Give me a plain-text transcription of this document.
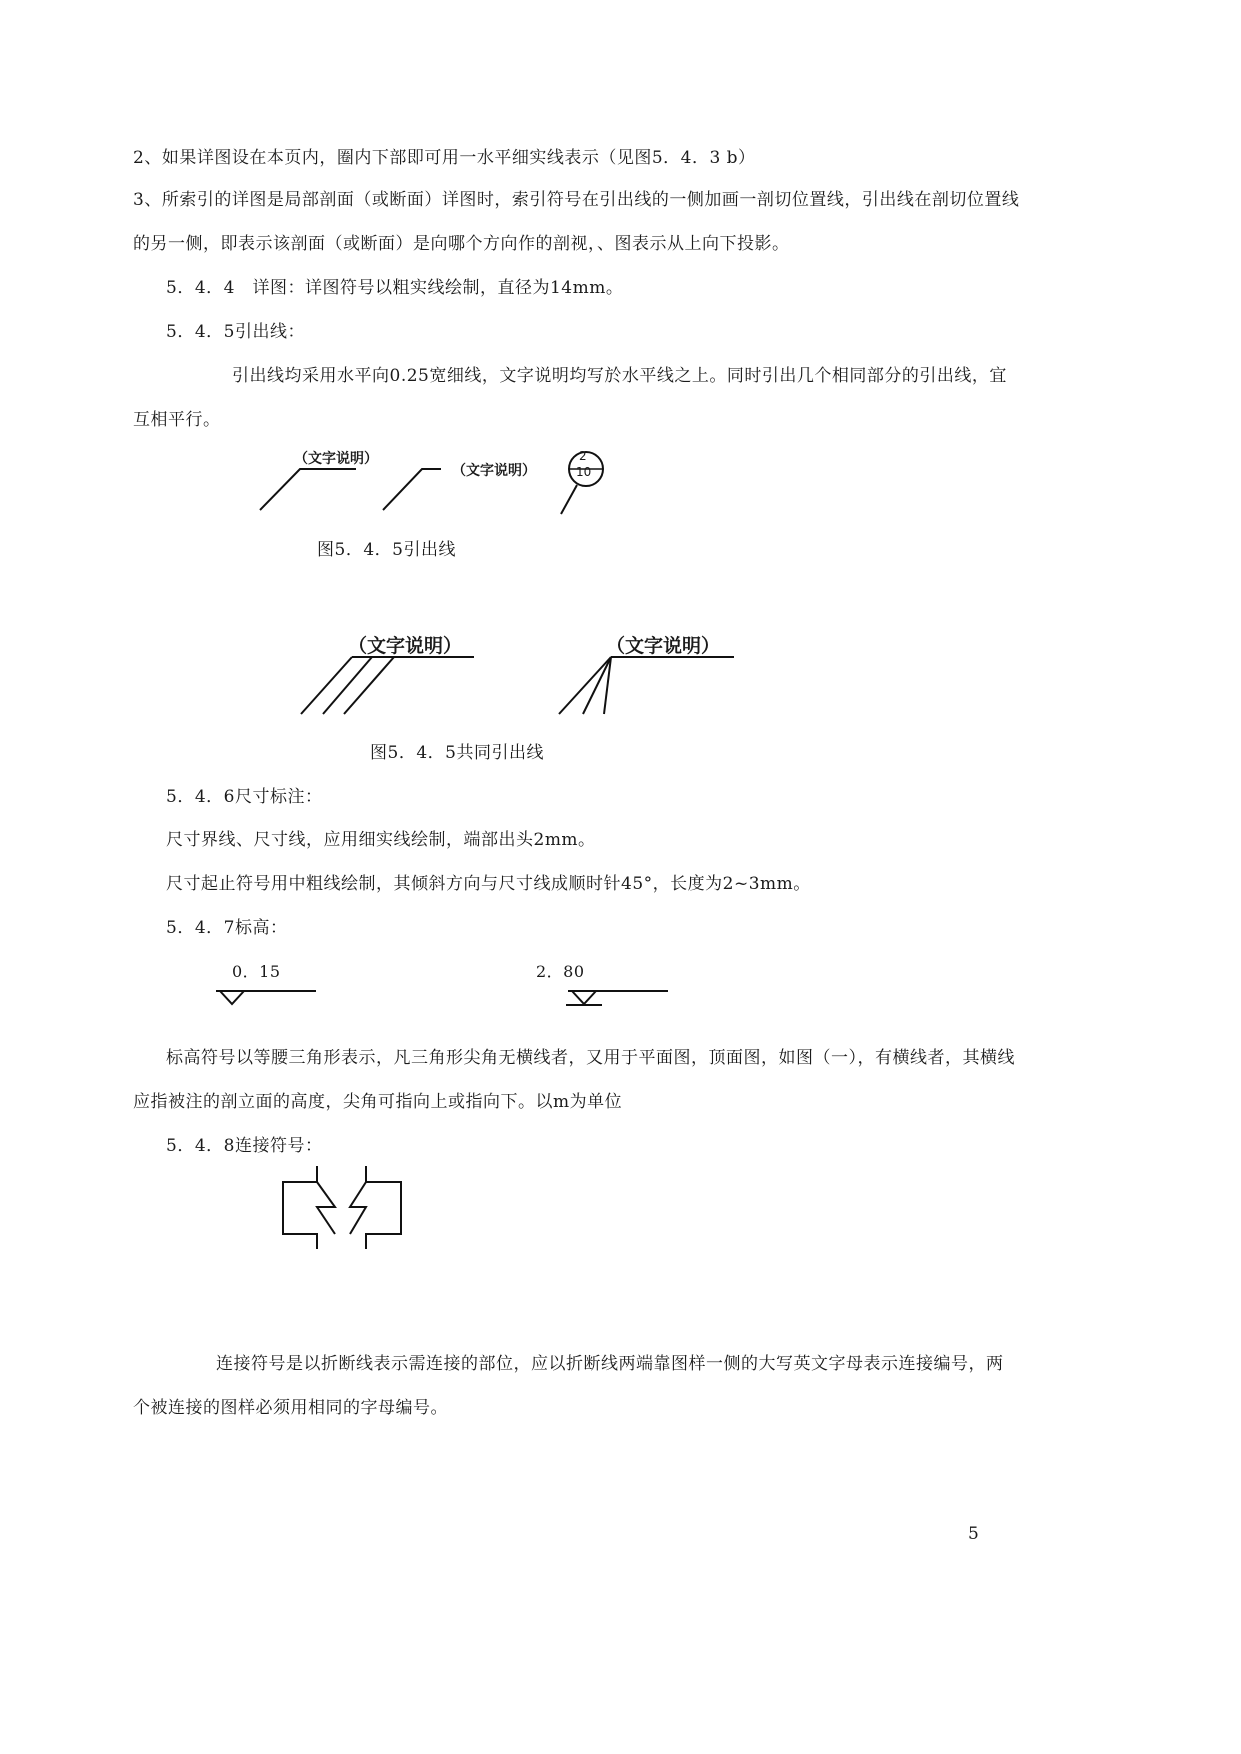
2、如果详图设在本页内，圈内下部即可用一水平细实线表示（见图5．4．3 b）
3、所索引的详图是局部剖面（或断面）详图时，索引符号在引出线的一侧加画一剖切位置线，引出线在剖切位置线
的另一侧，即表示该剖面（或断面）是向哪个方向作的剖视，、图表示从上向下投影。
5．4．4　详图：详图符号以粗实线绘制，直径为14mm。
5．4．5引出线：
引出线均采用水平向0.25宽细线，文字说明均写於水平线之上。同时引出几个相同部分的引出线，宜
互相平行。
（文字说明）
（文字说明）
2
10
图5．4．5引出线
（文字说明）	（文字说明）
图5．4．5共同引出线
5．4．6尺寸标注：
尺寸界线、尺寸线，应用细实线绘制，端部出头2mm。
尺寸起止符号用中粗线绘制，其倾斜方向与尺寸线成顺时针45°，长度为2~3mm。
5．4．7标高：
0．15	2．80
标高符号以等腰三角形表示，凡三角形尖角无横线者，又用于平面图，顶面图，如图（一），有横线者，其横线
应指被注的剖立面的高度，尖角可指向上或指向下。以m为单位
5．4．8连接符号：
连接符号是以折断线表示需连接的部位，应以折断线两端靠图样一侧的大写英文字母表示连接编号，两
个被连接的图样必须用相同的字母编号。
5
